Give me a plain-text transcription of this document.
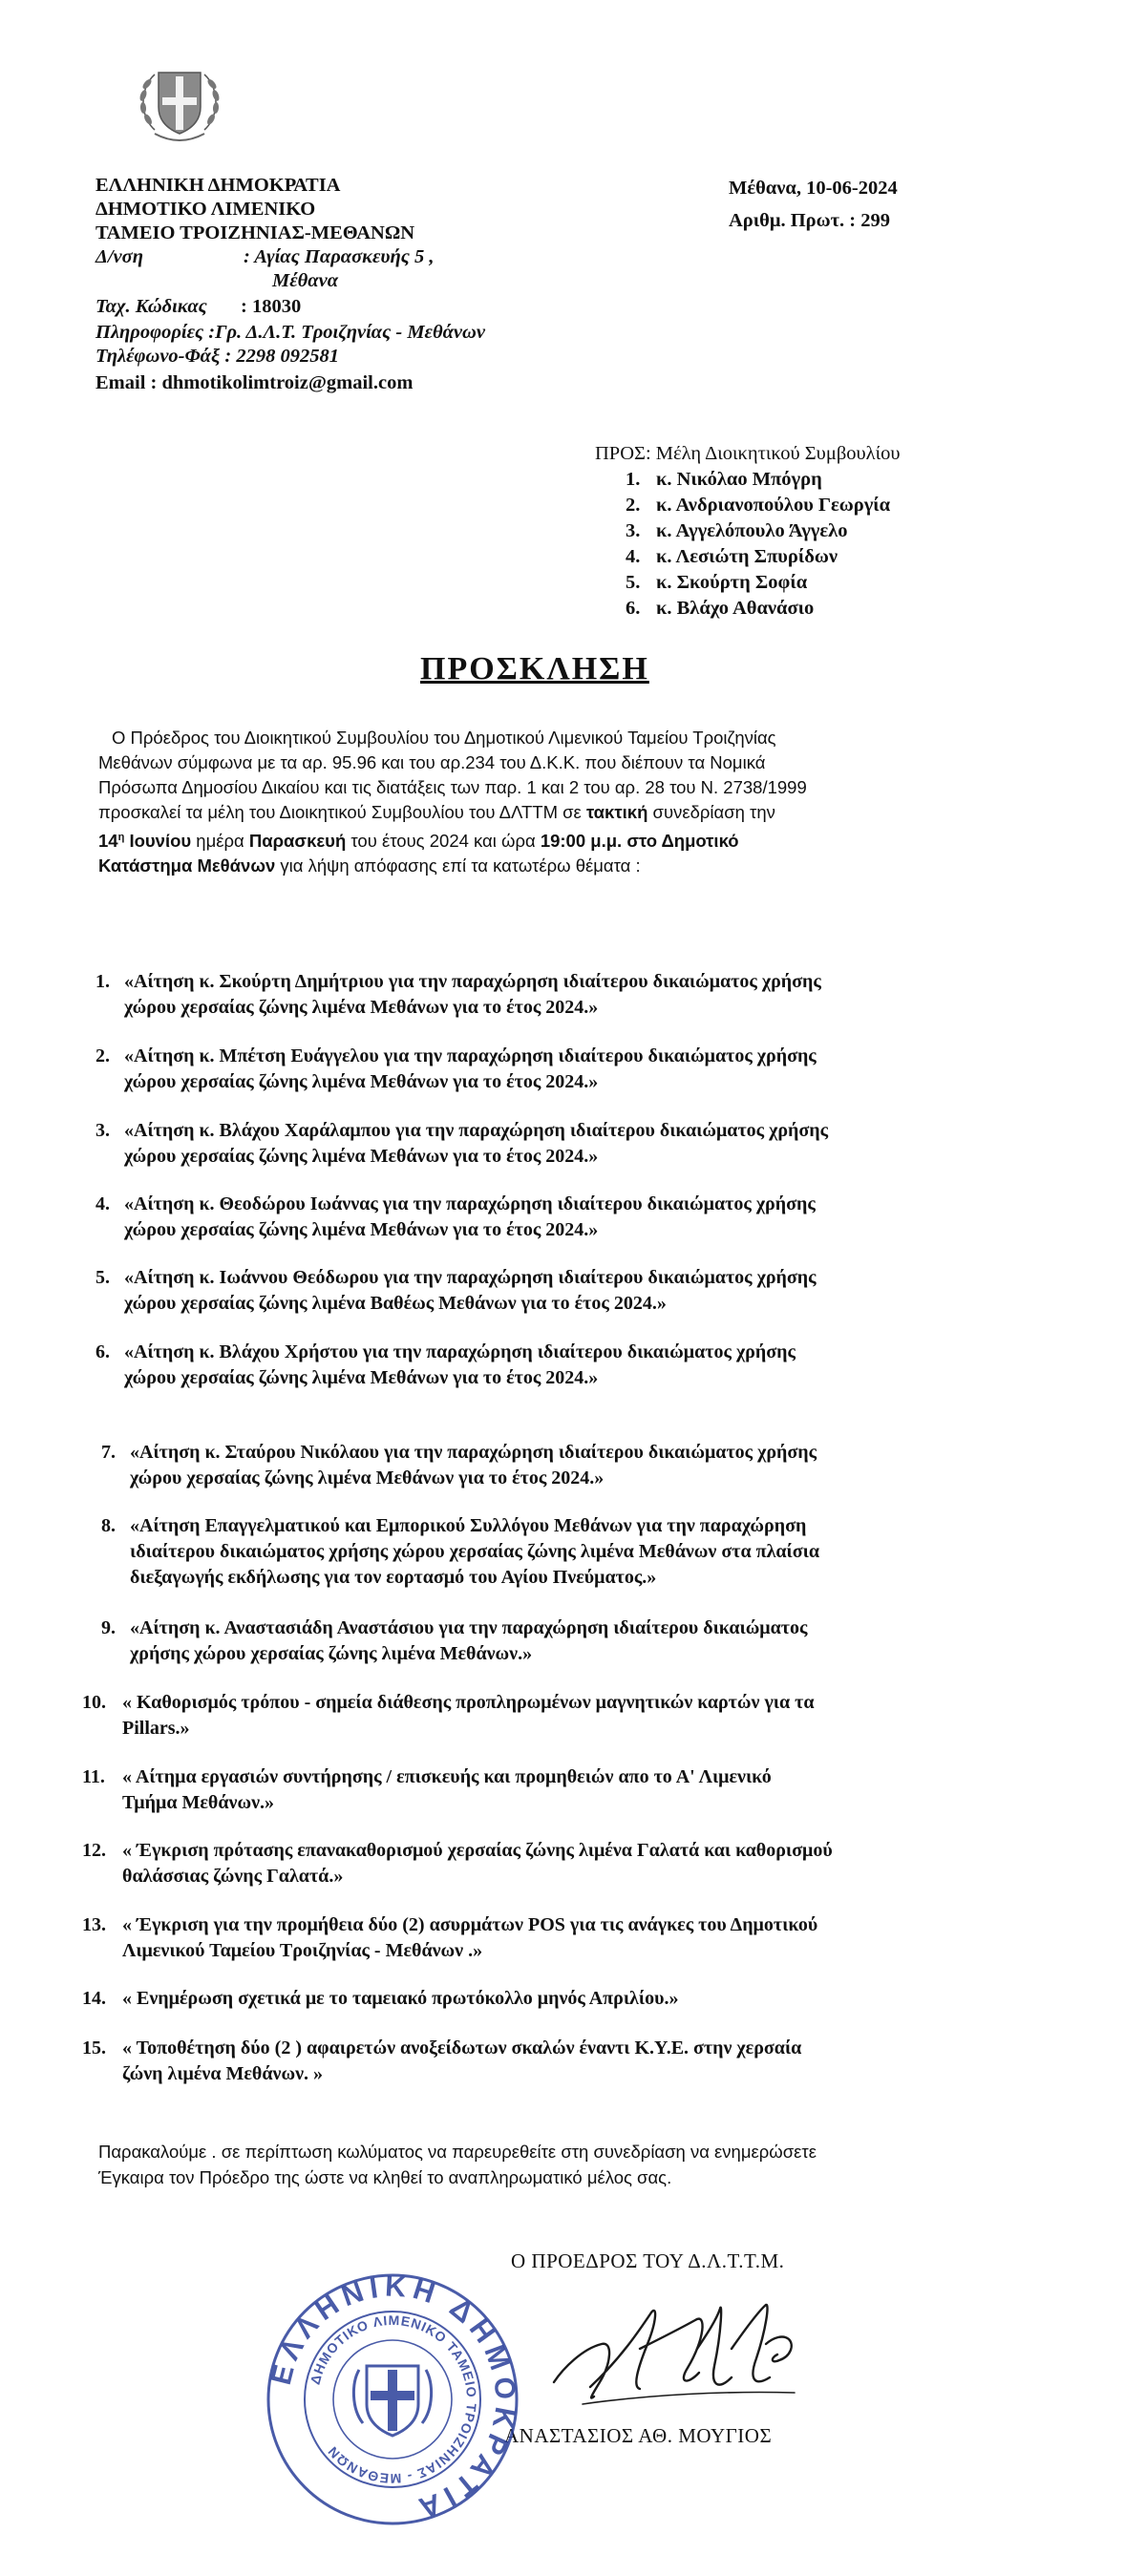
ΕΛΛΗΝΙΚΗ ΔΗΜΟΚΡΑΤΙΑ
ΔΗΜΟΤΙΚΟ ΛΙΜΕΝΙΚΟ
ΤΑΜΕΙΟ ΤΡΟΙΖΗΝΙΑΣ-ΜΕΘΑΝΩΝ
Δ/νση	: Αγίας Παρασκευής 5 ,
Μέθανα
Ταχ. Κώδικας : 18030
Πληροφορίες :Γρ. Δ.Λ.Τ. Τροιζηνίας - Μεθάνων
Τηλέφωνο-Φάξ : 2298 092581
Email : dhmotikolimtroiz@gmail.com
Μέθανα, 10-06-2024
Αριθμ. Πρωτ. : 299
ΠΡΟΣ: Μέλη Διοικητικού Συμβουλίου
1. κ. Νικόλαο Μπόγρη
2. κ. Ανδριανοπούλου Γεωργία
3. κ. Αγγελόπουλο Άγγελο
4. κ. Λεσιώτη Σπυρίδων
5. κ. Σκούρτη Σοφία
6. κ. Βλάχο Αθανάσιο
ΠΡΟΣΚΛΗΣΗ
Ο Πρόεδρος του Διοικητικού Συμβουλίου του Δημοτικού Λιμενικού Ταμείου Τροιζηνίας
Μεθάνων σύμφωνα με τα αρ. 95.96 και του αρ.234 του Δ.Κ.Κ. που διέπουν τα Νομικά
Πρόσωπα Δημοσίου Δικαίου και τις διατάξεις των παρ. 1 και 2 του αρ. 28 του Ν. 2738/1999
προσκαλεί τα μέλη του Διοικητικού Συμβουλίου του ΔΛΤΤΜ σε τακτική συνεδρίαση την
$14^\eta$ Ιουνίου ημέρα Παρασκευή του έτους 2024 και ώρα 19:00 μ.μ. στο Δημοτικό
Κατάστημα Μεθάνων για λήψη απόφασης επί τα κατωτέρω θέματα :
1. «Αίτηση κ. Σκούρτη Δημήτριου για την παραχώρηση ιδιαίτερου δικαιώματος χρήσης
χώρου χερσαίας ζώνης λιμένα Μεθάνων για το έτος 2024.»
2. «Αίτηση κ. Μπέτση Ευάγγελου για την παραχώρηση ιδιαίτερου δικαιώματος χρήσης
χώρου χερσαίας ζώνης λιμένα Μεθάνων για το έτος 2024.»
3. «Αίτηση κ. Βλάχου Χαράλαμπου για την παραχώρηση ιδιαίτερου δικαιώματος χρήσης
χώρου χερσαίας ζώνης λιμένα Μεθάνων για το έτος 2024.»
4. «Αίτηση κ. Θεοδώρου Ιωάννας για την παραχώρηση ιδιαίτερου δικαιώματος χρήσης
χώρου χερσαίας ζώνης λιμένα Μεθάνων για το έτος 2024.»
5. «Αίτηση κ. Ιωάννου Θεόδωρου για την παραχώρηση ιδιαίτερου δικαιώματος χρήσης
χώρου χερσαίας ζώνης λιμένα Βαθέως Μεθάνων για το έτος 2024.»
6. «Αίτηση κ. Βλάχου Χρήστου για την παραχώρηση ιδιαίτερου δικαιώματος χρήσης
χώρου χερσαίας ζώνης λιμένα Μεθάνων για το έτος 2024.»
7. «Αίτηση κ. Σταύρου Νικόλαου για την παραχώρηση ιδιαίτερου δικαιώματος χρήσης
χώρου χερσαίας ζώνης λιμένα Μεθάνων για το έτος 2024.»
8. «Αίτηση Επαγγελματικού και Εμπορικού Συλλόγου Μεθάνων για την παραχώρηση
ιδιαίτερου δικαιώματος χρήσης χώρου χερσαίας ζώνης λιμένα Μεθάνων στα πλαίσια
διεξαγωγής εκδήλωσης για τον εορτασμό του Αγίου Πνεύματος.»
9. «Αίτηση κ. Αναστασιάδη Αναστάσιου για την παραχώρηση ιδιαίτερου δικαιώματος
χρήσης χώρου χερσαίας ζώνης λιμένα Μεθάνων.»
10. « Καθορισμός τρόπου - σημεία διάθεσης προπληρωμένων μαγνητικών καρτών για τα
Pillars.»
11. « Αίτημα εργασιών συντήρησης / επισκευής και προμηθειών απο το Α' Λιμενικό
Τμήμα Μεθάνων.»
12. « Έγκριση πρότασης επανακαθορισμού χερσαίας ζώνης λιμένα Γαλατά και καθορισμού
θαλάσσιας ζώνης Γαλατά.»
13. « Έγκριση για την προμήθεια δύο (2) ασυρμάτων POS για τις ανάγκες του Δημοτικού
Λιμενικού Ταμείου Τροιζηνίας - Μεθάνων .»
14. « Ενημέρωση σχετικά με το ταμειακό πρωτόκολλο μηνός Απριλίου.»
15. « Τοποθέτηση δύο (2 ) αφαιρετών ανοξείδωτων σκαλών έναντι Κ.Υ.Ε. στην χερσαία
ζώνη λιμένα Μεθάνων. »
Παρακαλούμε . σε περίπτωση κωλύματος να παρευρεθείτε στη συνεδρίαση να ενημερώσετε
Έγκαιρα τον Πρόεδρο της ώστε να κληθεί το αναπληρωματικό μέλος σας.
Ο ΠΡΟΕΔΡΟΣ ΤΟΥ Δ.Λ.Τ.Τ.Μ.
ΑΝΑΣΤΑΣΙΟΣ ΑΘ. ΜΟΥΓΙΟΣ
ΕΛΛΗΝΙΚΗ ΔΗΜΟΚΡΑΤΙΑ
ΔΗΜΟΤΙΚΟ ΛΙΜΕΝΙΚΟ ΤΑΜΕΙΟ ΤΡΟΙΖΗΝΙΑΣ - ΜΕΘΑΝΩΝ
